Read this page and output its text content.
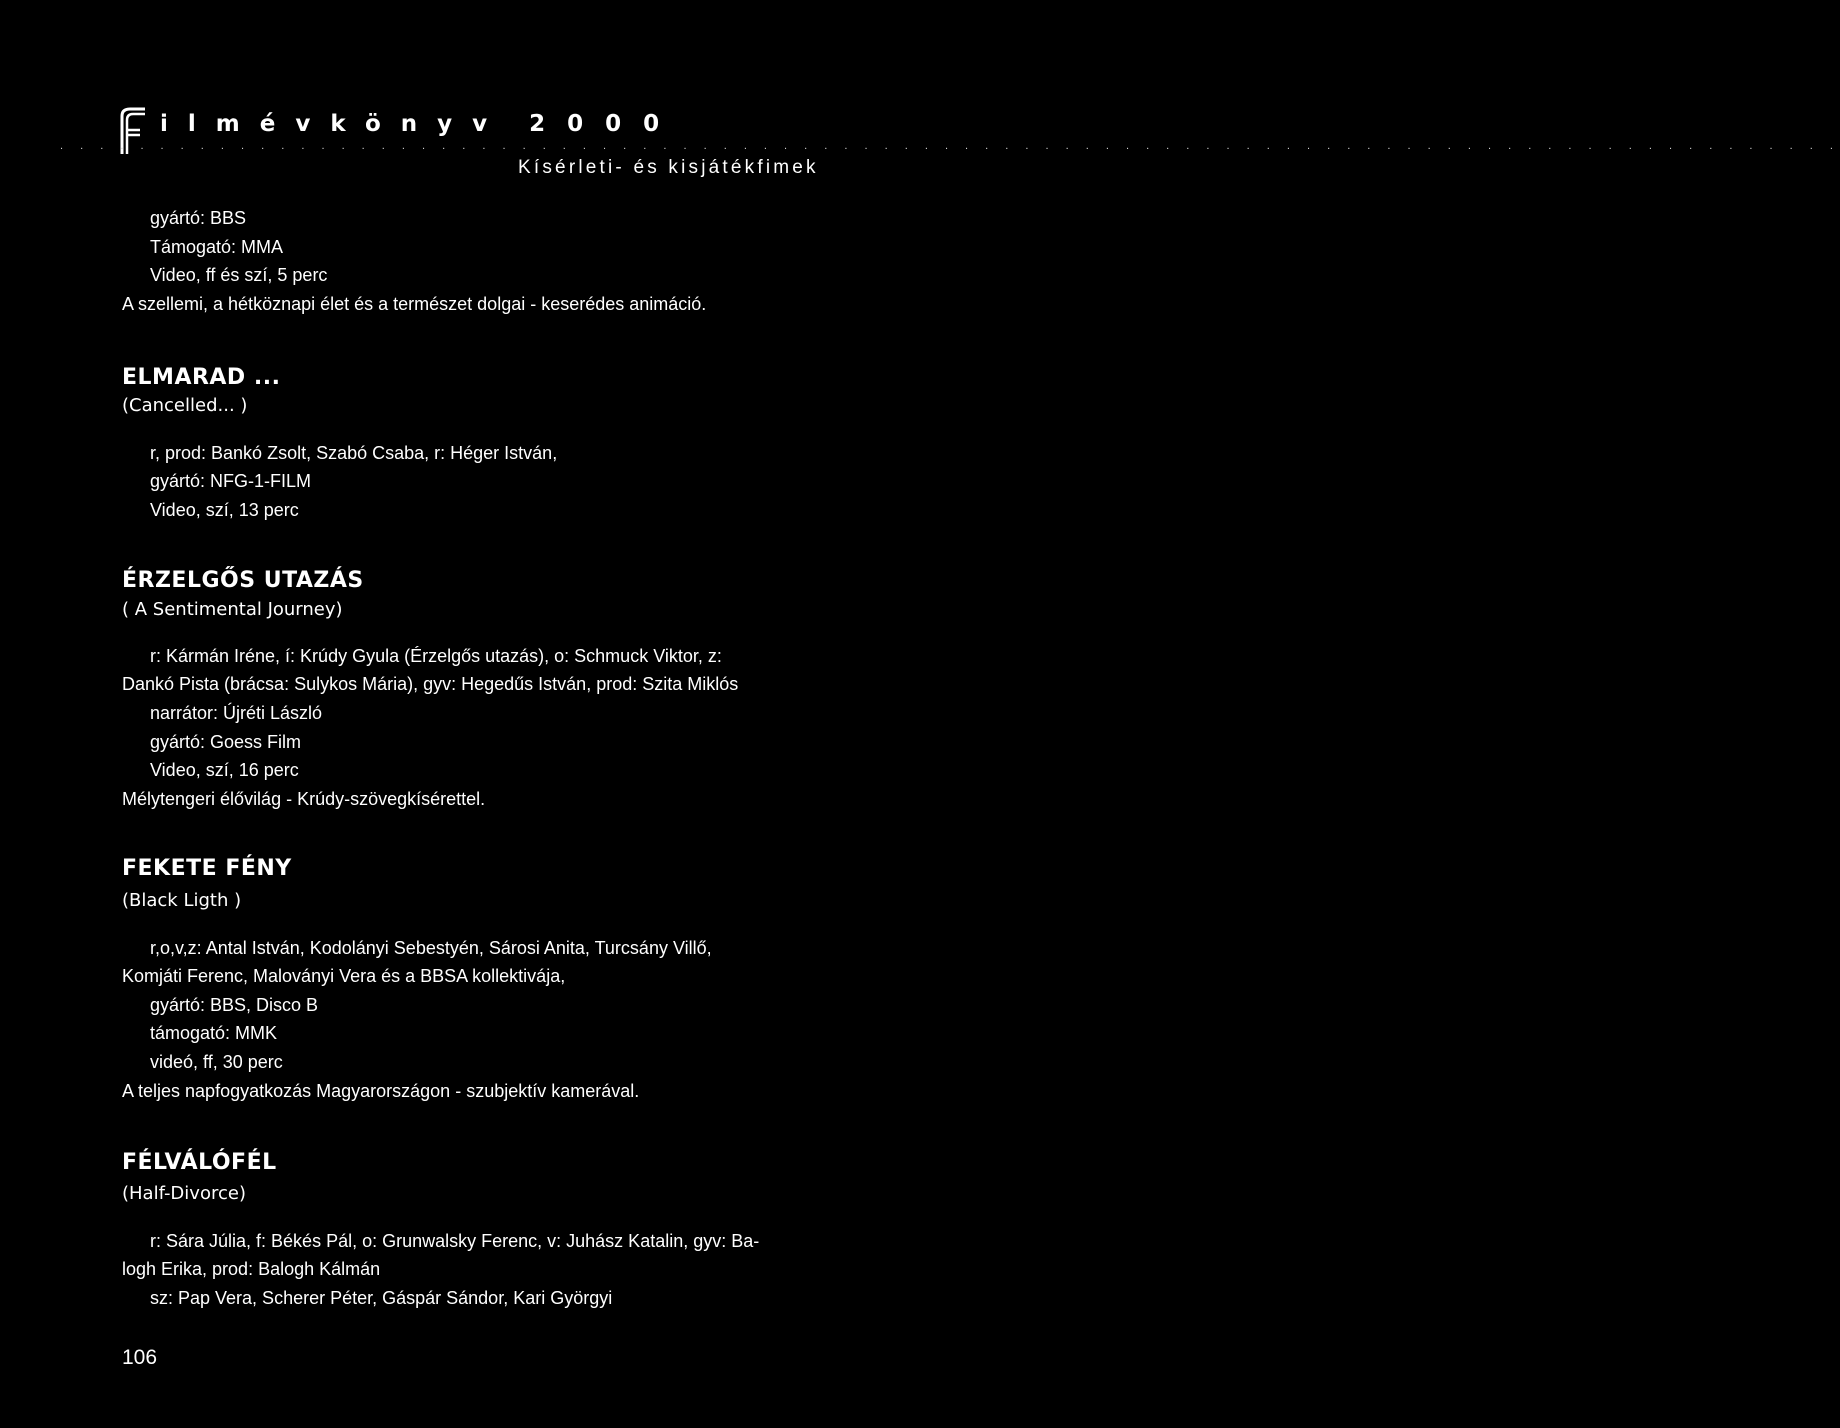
ilmévkönyv 2000
. . . . . . . . . . . . . . . . . . . . . . . . . . . . . . . . . . . . . . . . . . . . . . . . . . . . . . . . . . . . . . . . . . . . . . . . . . . . . . . . . . . . . . . . .
Kísérleti- és kisjátékfimek
gyártó: BBS
Támogató: MMA
Video, ff és szí, 5 perc
A szellemi, a hétköznapi élet és a természet dolgai - keserédes animáció.
ELMARAD ...
(Cancelled... )
r, prod: Bankó Zsolt, Szabó Csaba, r: Héger István,
gyártó: NFG-1-FILM
Video, szí, 13 perc
ÉRZELGŐS UTAZÁS
( A Sentimental Journey)
r: Kármán Iréne, í: Krúdy Gyula (Érzelgős utazás), o: Schmuck Viktor, z:
Dankó Pista (brácsa: Sulykos Mária), gyv: Hegedűs István, prod: Szita Miklós
narrátor: Újréti László
gyártó: Goess Film
Video, szí, 16 perc
Mélytengeri élővilág - Krúdy-szövegkísérettel.
FEKETE FÉNY
(Black Ligth )
r,o,v,z: Antal István, Kodolányi Sebestyén, Sárosi Anita, Turcsány Villő,
Komjáti Ferenc, Maloványi Vera és a BBSA kollektivája,
gyártó: BBS, Disco B
támogató: MMK
videó, ff, 30 perc
A teljes napfogyatkozás Magyarországon - szubjektív kamerával.
FÉLVÁLÓFÉL
(Half-Divorce)
r: Sára Júlia, f: Békés Pál, o: Grunwalsky Ferenc, v: Juhász Katalin, gyv: Ba-
logh Erika, prod: Balogh Kálmán
sz: Pap Vera, Scherer Péter, Gáspár Sándor, Kari Györgyi
106
